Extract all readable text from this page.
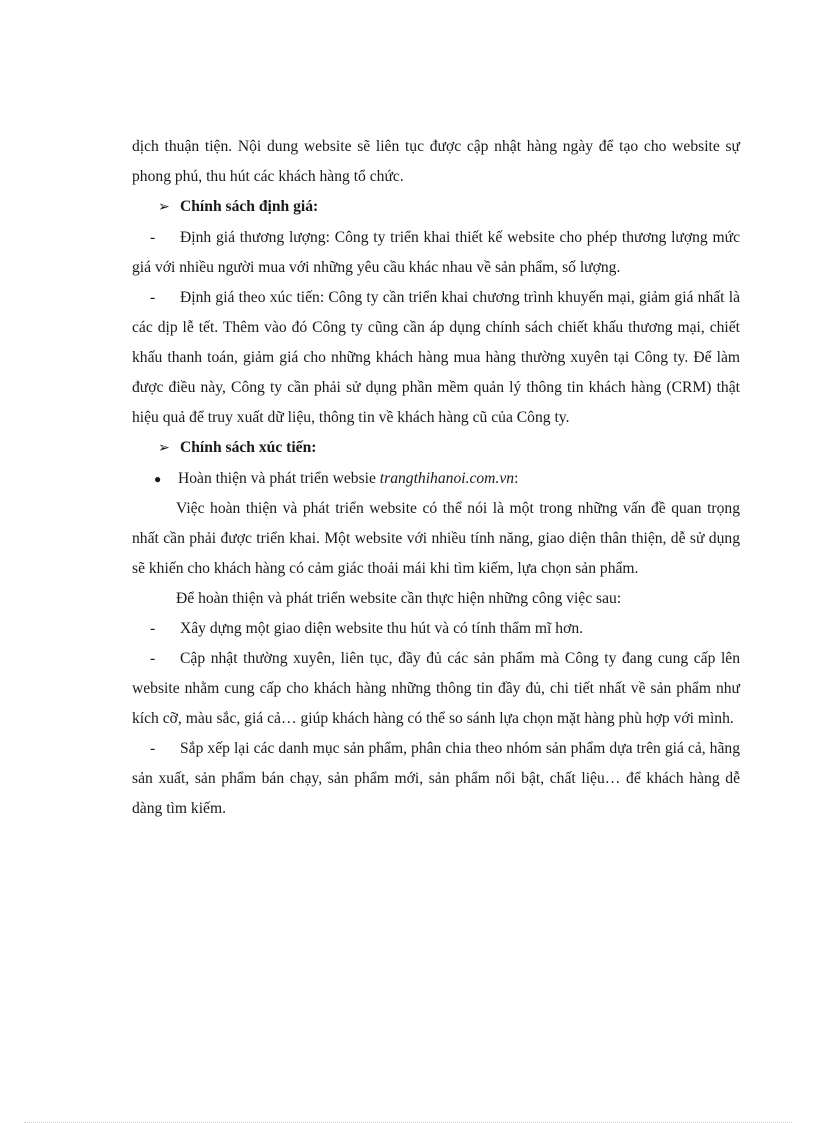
dịch thuận tiện. Nội dung website sẽ liên tục được cập nhật hàng ngày để tạo cho website sự phong phú, thu hút các khách hàng tổ chức.

➢ Chính sách định giá:

- Định giá thương lượng: Công ty triển khai thiết kế website cho phép thương lượng mức giá với nhiều người mua với những yêu cầu khác nhau về sản phẩm, số lượng.

- Định giá theo xúc tiến: Công ty cần triển khai chương trình khuyến mại, giảm giá nhất là các dịp lễ tết. Thêm vào đó Công ty cũng cần áp dụng chính sách chiết khấu thương mại, chiết khấu thanh toán, giảm giá cho những khách hàng mua hàng thường xuyên tại Công ty. Để làm được điều này, Công ty cần phải sử dụng phần mềm quản lý thông tin khách hàng (CRM) thật hiệu quả để truy xuất dữ liệu, thông tin về khách hàng cũ của Công ty.

➢ Chính sách xúc tiến:
●	Hoàn thiện và phát triển websie trangthihanoi.com.vn:

Việc hoàn thiện và phát triển website có thể nói là một trong những vấn đề quan trọng nhất cần phải được triển khai. Một website với nhiều tính năng, giao diện thân thiện, dễ sử dụng sẽ khiến cho khách hàng có cảm giác thoải mái khi tìm kiếm, lựa chọn sản phẩm.

Để hoàn thiện và phát triển website cần thực hiện những công việc sau:

- Xây dựng một giao diện website thu hút và có tính thẩm mĩ hơn.

- Cập nhật thường xuyên, liên tục, đầy đủ các sản phẩm mà Công ty đang cung cấp lên website nhằm cung cấp cho khách hàng những thông tin đầy đủ, chi tiết nhất về sản phẩm như kích cỡ, màu sắc, giá cả… giúp khách hàng có thể so sánh lựa chọn mặt hàng phù hợp với mình.

- Sắp xếp lại các danh mục sản phẩm, phân chia theo nhóm sản phẩm dựa trên giá cả, hãng sản xuất, sản phẩm bán chạy, sản phẩm mới, sản phẩm nổi bật, chất liệu… để khách hàng dễ dàng tìm kiếm.
